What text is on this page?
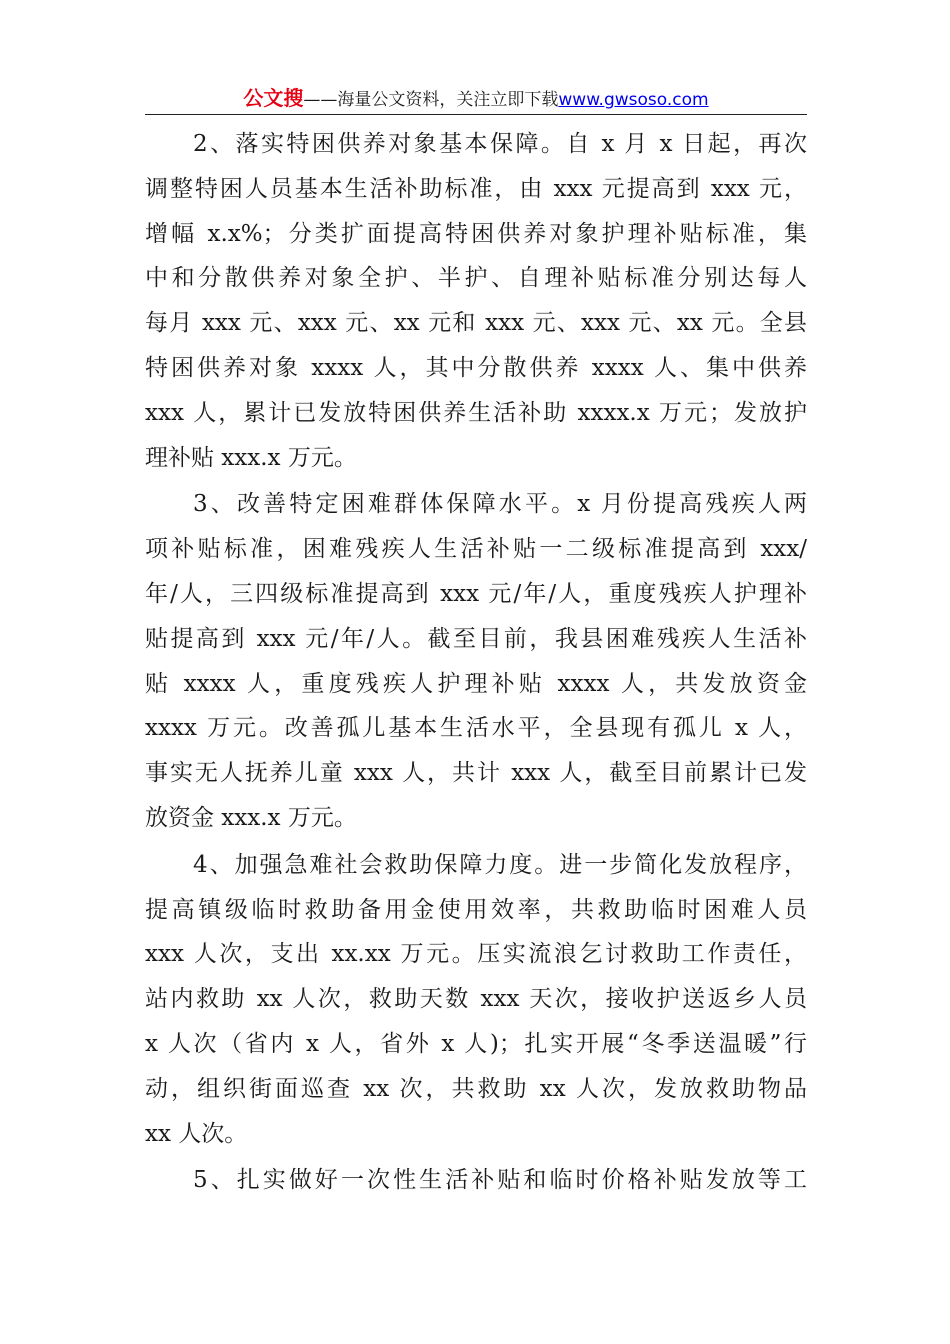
公文搜——海量公文资料，关注立即下载www.gwsoso.com
2、落实特困供养对象基本保障。自 x 月 x 日起，再次
调整特困人员基本生活补助标准，由 xxx 元提高到 xxx 元，
增幅 x.x%；分类扩面提高特困供养对象护理补贴标准，集
中和分散供养对象全护、半护、自理补贴标准分别达每人
每月 xxx 元、xxx 元、xx 元和 xxx 元、xxx 元、xx 元。全县
特困供养对象 xxxx 人，其中分散供养 xxxx 人、集中供养
xxx 人，累计已发放特困供养生活补助 xxxx.x 万元；发放护
理补贴 xxx.x 万元。
3、改善特定困难群体保障水平。x 月份提高残疾人两
项补贴标准，困难残疾人生活补贴一二级标准提高到 xxx/
年/人，三四级标准提高到 xxx 元/年/人，重度残疾人护理补
贴提高到 xxx 元/年/人。截至目前，我县困难残疾人生活补
贴 xxxx 人，重度残疾人护理补贴 xxxx 人，共发放资金
xxxx 万元。改善孤儿基本生活水平，全县现有孤儿 x 人，
事实无人抚养儿童 xxx 人，共计 xxx 人，截至目前累计已发
放资金 xxx.x 万元。
4、加强急难社会救助保障力度。进一步简化发放程序，
提高镇级临时救助备用金使用效率，共救助临时困难人员
xxx 人次，支出 xx.xx 万元。压实流浪乞讨救助工作责任，
站内救助 xx 人次，救助天数 xxx 天次，接收护送返乡人员
x 人次（省内 x 人，省外 x 人)；扎实开展“冬季送温暖”行
动，组织街面巡查 xx 次，共救助 xx 人次，发放救助物品
xx 人次。
5、扎实做好一次性生活补贴和临时价格补贴发放等工
